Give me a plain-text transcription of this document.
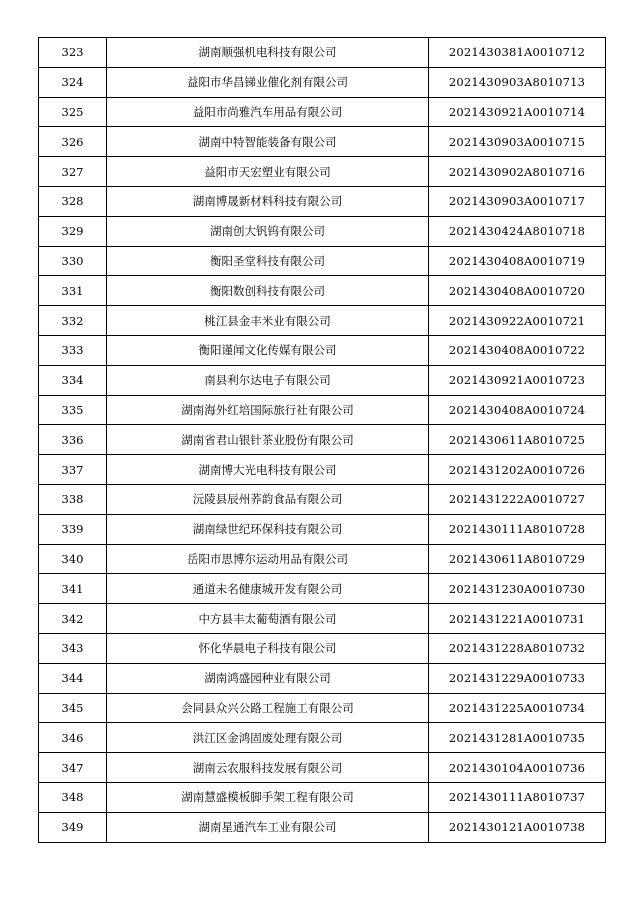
323	湖南顺强机电科技有限公司	2021430381A0010712
324	益阳市华昌锑业催化剂有限公司	2021430903A8010713
325	益阳市尚雅汽车用品有限公司	2021430921A0010714
326	湖南中特智能装备有限公司	2021430903A0010715
327	益阳市天宏塑业有限公司	2021430902A8010716
328	湖南博晟新材料科技有限公司	2021430903A0010717
329	湖南创大钒钨有限公司	2021430424A8010718
330	衡阳圣堂科技有限公司	2021430408A0010719
331	衡阳数创科技有限公司	2021430408A0010720
332	桃江县金丰米业有限公司	2021430922A0010721
333	衡阳谨闻文化传媒有限公司	2021430408A0010722
334	南县利尔达电子有限公司	2021430921A0010723
335	湖南海外红培国际旅行社有限公司	2021430408A0010724
336	湖南省君山银针茶业股份有限公司	2021430611A8010725
337	湖南博大光电科技有限公司	2021431202A0010726
338	沅陵县辰州荞韵食品有限公司	2021431222A0010727
339	湖南绿世纪环保科技有限公司	2021430111A8010728
340	岳阳市思博尔运动用品有限公司	2021430611A8010729
341	通道未名健康城开发有限公司	2021431230A0010730
342	中方县丰太葡萄酒有限公司	2021431221A0010731
343	怀化华晨电子科技有限公司	2021431228A8010732
344	湖南鸿盛园种业有限公司	2021431229A0010733
345	会同县众兴公路工程施工有限公司	2021431225A0010734
346	洪江区金鸿固废处理有限公司	2021431281A0010735
347	湖南云农服科技发展有限公司	2021430104A0010736
348	湖南慧盛模板脚手架工程有限公司	2021430111A8010737
349	湖南星通汽车工业有限公司	2021430121A0010738
